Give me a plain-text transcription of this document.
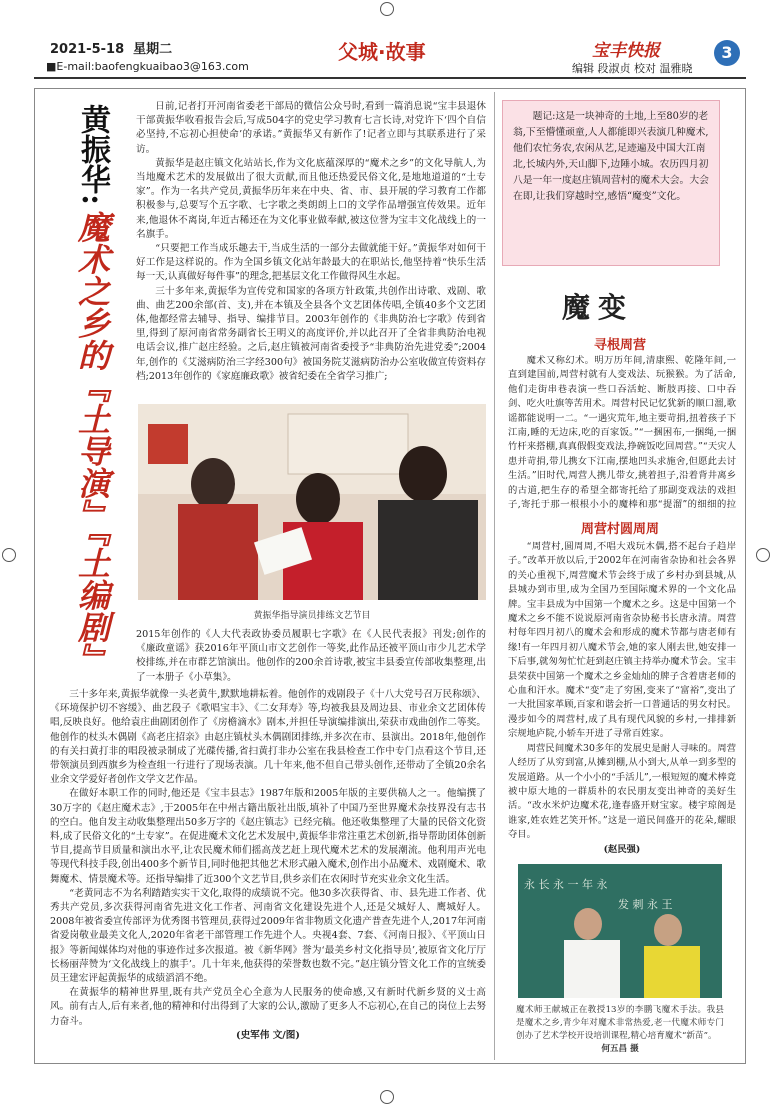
2021-5-18 星期二
■E-mail:baofengkuaibao3@163.com
父城·故事	宝丰快报	3
编辑 段淑贞 校对 温雅晓
黄振华:
魔术之乡的『土导演』『土编剧』

日前,记者打开河南省委老干部局的微信公众号时,看到一篇消息说“宝丰县退休干部黄振华收看报告会后,写成504字的党史学习教育七言长诗,对党许下‘四个自信必坚持,不忘初心担使命’的承诺。”黄振华又有新作了!记者立即与其联系进行了采访。

黄振华是赵庄镇文化站站长,作为文化底蕴深厚的“魔术之乡”的文化导航人,为当地魔术艺术的发展做出了很大贡献,而且他还热爱民俗文化,是地地道道的“土专家”。作为一名共产党员,黄振华历年来在中央、省、市、县开展的学习教育工作都积极参与,总要写个五字歌、七字歌之类朗朗上口的文学作品增强宣传效果。近年来,他退休不离岗,年近古稀还在为文化事业做奉献,被这位誉为宝丰文化战线上的一名旗手。

“只要把工作当成乐趣去干,当成生活的一部分去做就能干好。”黄振华对如何干好工作是这样说的。作为全国乡镇文化站年龄最大的在职站长,他坚持着“快乐生活每一天,认真做好每件事”的理念,把基层文化工作做得风生水起。

三十多年来,黄振华为宣传党和国家的各项方针政策,共创作出诗歌、戏剧、歌曲、曲艺200余部(首、支),并在本镇及全县各个文艺团体传唱,全镇40多个文艺团体,他都经常去辅导、指导、编排节目。2003年创作的《非典防治七字歌》传到省里,得到了原河南省常务副省长王明义的高度评价,并以此召开了全省非典防治电视电话会议,推广赵庄经验。之后,赵庄镇被河南省委授予“非典防治先进党委”;2004年,创作的《艾滋病防治三字经300句》被国务院艾滋病防治办公室收做宣传资料存档;2013年创作的《家庭廉政歌》被省纪委在全省学习推广;

黄振华指导演员排练文艺节目

2015年创作的《人大代表政协委员履职七字歌》在《人民代表报》刊发;创作的《廉政童谣》获2016年平顶山市文艺创作一等奖,此作品还被平顶山市少儿艺术学校排练,并在市群艺馆演出。他创作的200余首诗歌,被宝丰县委宣传部收集整理,出了一本册子《小草集》。

三十多年来,黄振华就像一头老黄牛,默默地耕耘着。他创作的戏剧段子《十八大党号召万民称颂》、《环境保护切不容缓》、曲艺段子《歌唱宝丰》、《二女拜寿》等,均被我县及周边县、市业余文艺团体传唱,反映良好。他给袁庄曲剧团创作了《房檐滴水》剧本,并担任导演编排演出,荣获市戏曲创作二等奖。他创作的杖头木偶剧《高老庄招亲》由赵庄镇杖头木偶剧团排练,并多次在市、县演出。2018年,他创作的有关扫黄打非的唱段被录制成了光碟传播,省扫黄打非办公室在我县检查工作中专门点看这个节目,还带领演员到西旗乡为检查组一行进行了现场表演。几十年来,他不但自己带头创作,还带动了全镇20余名业余文学爱好者创作文学文艺作品。

在做好本职工作的同时,他还是《宝丰县志》1987年版和2005年版的主要供稿人之一。他编撰了30万字的《赵庄魔术志》,于2005年在中州古籍出版社出版,填补了中国乃至世界魔术杂技界没有志书的空白。他自发主动收集整理出50多万字的《赵庄镇志》已经完稿。他还收集整理了大量的民俗文化资料,成了民俗文化的“土专家”。在促进魔术文化艺术发展中,黄振华非常注重艺术创新,指导帮助团体创新节目,提高节目质量和演出水平,让农民魔术师们摇高茂艺赶上现代魔术艺术的发展潮流。他利用声光电等现代科技手段,创出400多个新节目,同时他把其他艺术形式融入魔术,创作出小品魔术、戏剧魔术、歌舞魔术、情景魔术等。还指导编排了近300个文艺节目,供乡亲们在农闲时节充实业余文化生活。

“老黄同志不为名利踏踏实实干文化,取得的成绩说不完。他30多次获得省、市、县先进工作者、优秀共产党员,多次获得河南省先进文化工作者、河南省文化建设先进个人,还是父城好人、鹰城好人。2008年被省委宣传部评为优秀图书管理员,获得过2009年省非物质文化遗产普查先进个人,2017年河南省爱岗敬业最美文化人,2020年省老干部管理工作先进个人。央视4套、7套、《河南日报》、《平顶山日报》等新闻媒体均对他的事迹作过多次报道。被《新华网》誉为‘最美乡村文化指导员’,被原省文化厅厅长杨丽萍赞为‘文化战线上的旗手’。几十年来,他获得的荣誉数也数不完。”赵庄镇分管文化工作的宣统委员王建宏评起黄振华的成绩滔滔不绝。

在黄振华的精神世界里,既有共产党员全心全意为人民服务的使命感,又有新时代新乡贤的义士高风。前有古人,后有来者,他的精神和付出得到了大家的公认,激励了更多人不忘初心,在自己的岗位上去努力奋斗。

(史军伟 文/图)
题记:这是一块神奇的土地,上至80岁的老翁,下至懵懂顽童,人人都能即兴表演几种魔术,他们农忙务农,农闲从艺,足迹遍及中国大江南北,长城内外,天山脚下,边陲小城。农历四月初八是一年一度赵庄镇周营村的魔术大会。大会在即,让我们穿越时空,感悟“魔变”文化。
魔变
寻根周营

魔术又称幻术。明万历年间,清康熙、乾隆年间,一直到建国前,周营村就有人变戏法、玩猴猴。为了活命,他们走街串巷表演一些口吞活蛇、断肢再接、口中吞剑、吃火吐旗等苦用术。周营村民记忆犹新的顺口溜,歌谣都能说明一二。“一遇灾荒年,地主要苛捐,扭着孩子下江南,睡的无边床,吃的百家饭。”“一捆困布,一捆绳,一捆竹杆来搭棚,真真假假变戏法,挣碗饭吃回周营。”“天灾人患并苛捐,带儿携女下江南,摆地凹头求施舍,但愿此去讨生活。”旧时代,周营人携儿带女,挑着担子,沿着背井离乡的古道,把生存的希望全都寄托给了那副变戏法的戏担子,寄托于那一根根小小的魔棒和那“提溜”的细细的拉

周营村圆周周

“周营村,圆周周,不唱大戏玩木偶,搭不起台子趋岸子。”改革开放以后,于2002年在河南省杂协和社会各界的关心重视下,周营魔术节会终于成了乡村办到县城,从县城办到市里,成为全国乃至国际魔术界的一个文化品牌。宝丰县成为中国第一个魔术之乡。这是中国第一个魔术之乡不能不说说原河南省杂协秘书长唐永清。周营村每年四月初八的魔术会和形成的魔术节都与唐老师有缘!有一年四月初八魔术节会,她的家人刚去世,她安排一下后事,就匆匆忙忙赶到赵庄镇主持举办魔术节会。宝丰县荣获中国第一个魔术之乡金灿灿的牌子含着唐老师的心血和汗水。魔术“变”走了穷困,变来了“富裕”,变出了一大批国家革顾,百家和谐会折一口普通话的男女村民。漫步如今的周营村,成了具有现代风貌的乡村,一排排新宗规地庐院,小轿车开进了寻常百姓家。

周营民间魔术30多年的发展史是耐人寻味的。周营人经历了从穷到富,从摊到棚,从小到大,从单一到多型的发展道路。从一个小小的“手活儿”,一根短短的魔术棒竟被中原大地的一群质朴的农民朋友变出神奇的美好生活。“改水米炉边魔术花,逢春盛开财宝家。楼宇琼阁是谁家,姓农姓艺笑开怀。”这是一道民间盛开的花朵,耀眼夺目。

(赵民强)
永 长 永 一 年 永
发 刺 永 王
魔术师王献城正在教授13岁的李鹏飞魔术手法。我县是魔术之乡,青少年对魔术非常热爱,老一代魔术师专门创办了艺术学校开设培训课程,精心培育魔术“新苗”。
何五昌 摄
